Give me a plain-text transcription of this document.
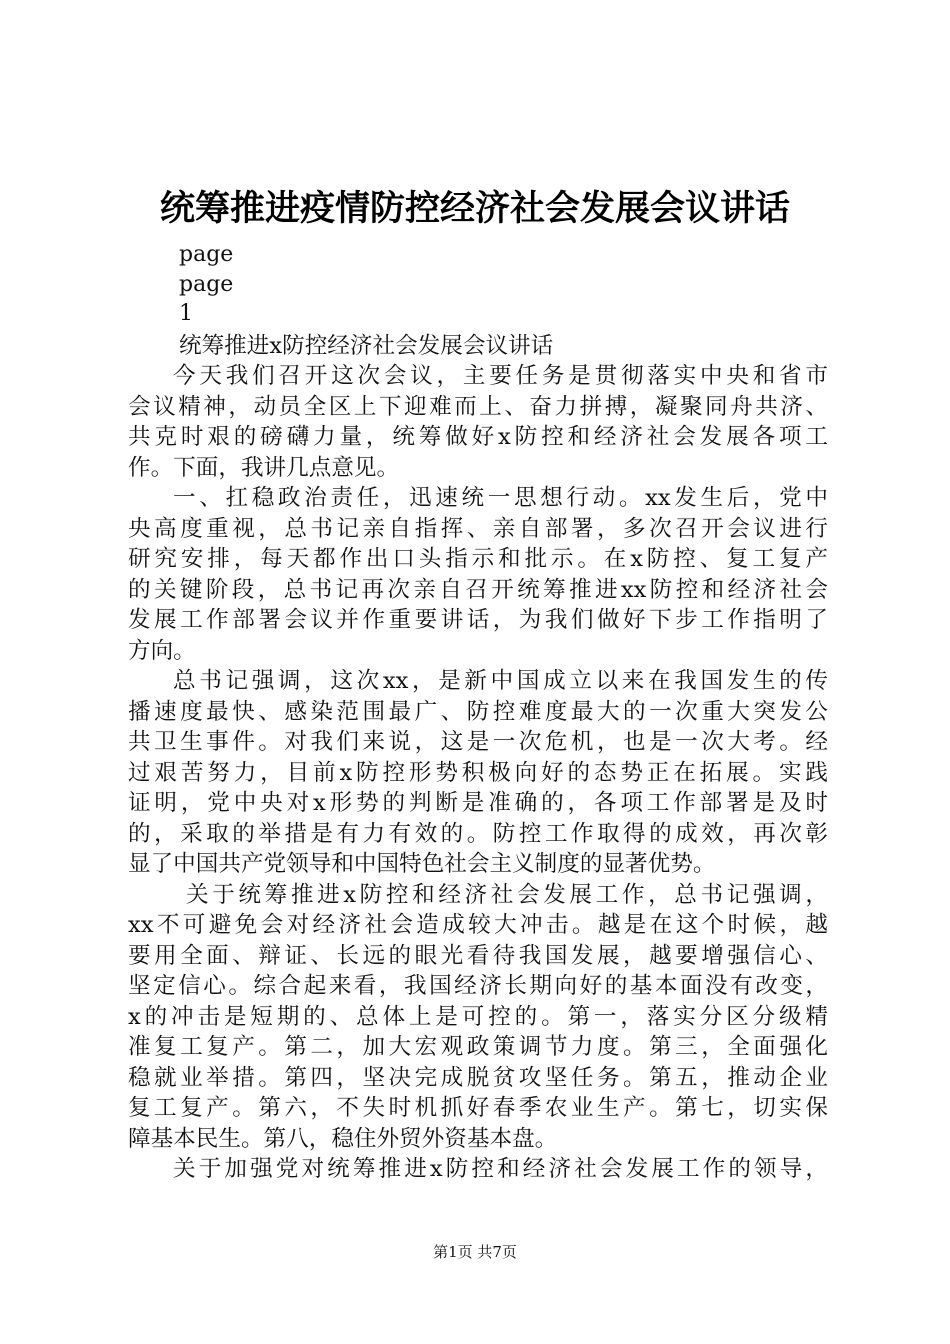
统筹推进疫情防控经济社会发展会议讲话
page
page
1
统筹推进x防控经济社会发展会议讲话
今天我们召开这次会议，主要任务是贯彻落实中央和省市
会议精神，动员全区上下迎难而上、奋力拼搏，凝聚同舟共济、
共克时艰的磅礴力量，统筹做好x防控和经济社会发展各项工
作。下面，我讲几点意见。
一、扛稳政治责任，迅速统一思想行动。xx发生后，党中
央高度重视，总书记亲自指挥、亲自部署，多次召开会议进行
研究安排，每天都作出口头指示和批示。在x防控、复工复产
的关键阶段，总书记再次亲自召开统筹推进xx防控和经济社会
发展工作部署会议并作重要讲话，为我们做好下步工作指明了
方向。
总书记强调，这次xx，是新中国成立以来在我国发生的传
播速度最快、感染范围最广、防控难度最大的一次重大突发公
共卫生事件。对我们来说，这是一次危机，也是一次大考。经
过艰苦努力，目前x防控形势积极向好的态势正在拓展。实践
证明，党中央对x形势的判断是准确的，各项工作部署是及时
的，采取的举措是有力有效的。防控工作取得的成效，再次彰
显了中国共产党领导和中国特色社会主义制度的显著优势。
关于统筹推进x防控和经济社会发展工作，总书记强调，
xx不可避免会对经济社会造成较大冲击。越是在这个时候，越
要用全面、辩证、长远的眼光看待我国发展，越要增强信心、
坚定信心。综合起来看，我国经济长期向好的基本面没有改变，
x的冲击是短期的、总体上是可控的。第一，落实分区分级精
准复工复产。第二，加大宏观政策调节力度。第三，全面强化
稳就业举措。第四，坚决完成脱贫攻坚任务。第五，推动企业
复工复产。第六，不失时机抓好春季农业生产。第七，切实保
障基本民生。第八，稳住外贸外资基本盘。
关于加强党对统筹推进x防控和经济社会发展工作的领导，
第1页 共7页
